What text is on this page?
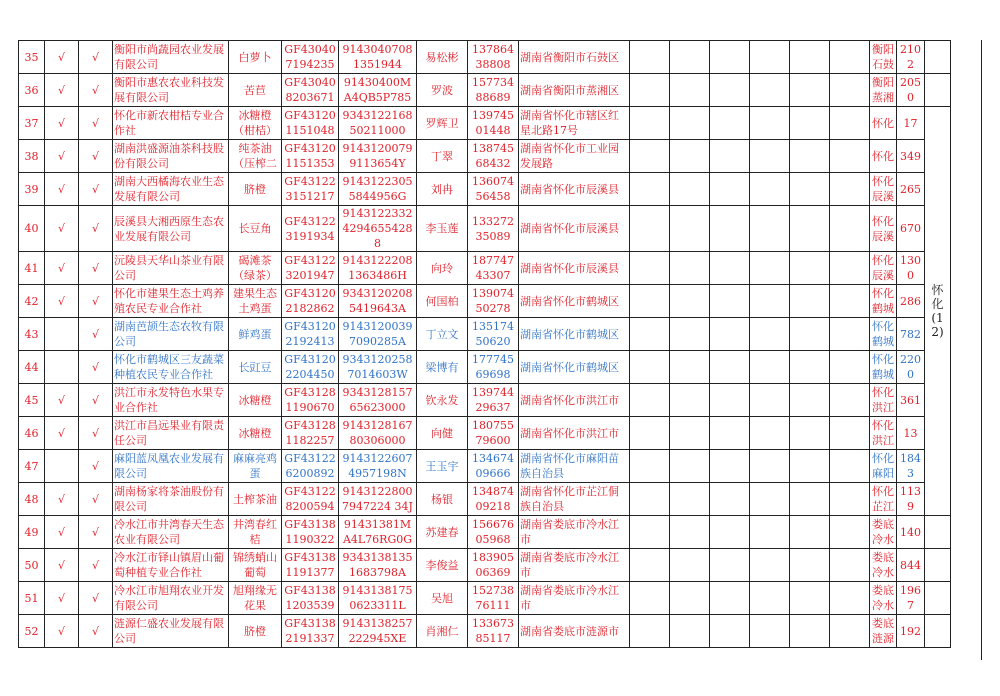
35	√	√	衡阳市尚蔬园农业发展有限公司	白萝卜	GF430407194235	91430407081351944	易松彬	13786438808	湖南省衡阳市石鼓区							衡阳石鼓	2102	
36	√	√	衡阳市惠农农业科技发展有限公司	苦苣	GF430408203671	91430400MA4QB5P785	罗波	15773488689	湖南省衡阳市蒸湘区							衡阳蒸湘	2050	
37	√	√	怀化市新农柑桔专业合作社	冰糖橙（柑桔）	GF431201151048	93431221685021100​0	罗辉卫	13974501448	湖南省怀化市辖区红星北路17号							怀化	17	怀化(12)
38	√	√	湖南洪盛源油茶科技股份有限公司	纯茶油（压榨二	GF431201151353	91431200799113654Y	丁翠	13874568432	湖南省怀化市工业园发展路							怀化	349	
39	√	√	湖南大西橘海农业生态发展有限公司	脐橙	GF431223151217	91431223055844956G	刘冉	13607456458	湖南省怀化市辰溪县							怀化辰溪	265	
40	√	√	辰溪县大湘西原生态农业发展有限公司	长豆角	GF431223191934	914312233242946554288	李玉莲	13327235089	湖南省怀化市辰溪县							怀化辰溪	670	
41	√	√	沅陵县天华山茶业有限公司	碣滩茶（绿茶）	GF431223201947	91431222081363486H	向玲	18774743307	湖南省怀化市辰溪县							怀化辰溪	1300	
42	√	√	怀化市建果生态土鸡养殖农民专业合作社	建果生态土鸡蛋	GF431202182862	93431202085419643A	何国柏	13907450278	湖南省怀化市鹤城区							怀化鹤城	286	
43		√	湖南芭颉生态农牧有限公司	鲜鸡蛋	GF431202192413	91431200397090285A	丁立文	13517450620	湖南省怀化市鹤城区							怀化鹤城	782	
44		√	怀化市鹤城区三友蔬菜种植农民专业合作社	长豇豆	GF431202204450	93431202587014603W	梁博有	17774569698	湖南省怀化市鹤城区							怀化鹤城	2200	
45	√	√	洪江市永发特色水果专业合作社	冰糖橙	GF431281190670	93431281576562300​0	钦永发	13974429637	湖南省怀化市洪江市							怀化洪江	361	
46	√	√	洪江市昌远果业有限责任公司	冰糖橙	GF431281182257	91431281678030600​0	向健	18075579600	湖南省怀化市洪江市							怀化洪江	13	
47		√	麻阳蓝凤凰农业发展有限公司	麻麻亮鸡蛋	GF431226200892	91431226074957198N	王玉宇	13467409666	湖南省怀化市麻阳苗族自治县							怀化麻阳	1843	
48	√	√	湖南杨家将茶油股份有限公司	土榨茶油	GF431228200594	91431228007947224 34J	杨银	13487409218	湖南省怀化市芷江侗族自治县							怀化芷江	1139	
49	√	√	冷水江市井湾春天生态农业有限公司	井湾春红桔	GF431381190322	91431381MA4L76RG0G	苏建春	15667605968	湖南省娄底市冷水江市							娄底冷水	140	
50	√	√	冷水江市铎山镇眉山葡萄种植专业合作社	锦绣蛸山葡萄	GF431381191377	93431381351683798A	李俊益	18390506369	湖南省娄底市冷水江市							娄底冷水	844	
51	√	√	冷水江市旭翔农业开发有限公司	旭翔缘无花果	GF431381203539	91431381750623311L	吴旭	15273876111	湖南省娄底市冷水江市							娄底冷水	1967	
52	√	√	涟源仁盛农业发展有限公司	脐橙	GF431382191337	91431382572229​45XE	肖湘仁	13367385117	湖南省娄底市涟源市							娄底涟源	192	
